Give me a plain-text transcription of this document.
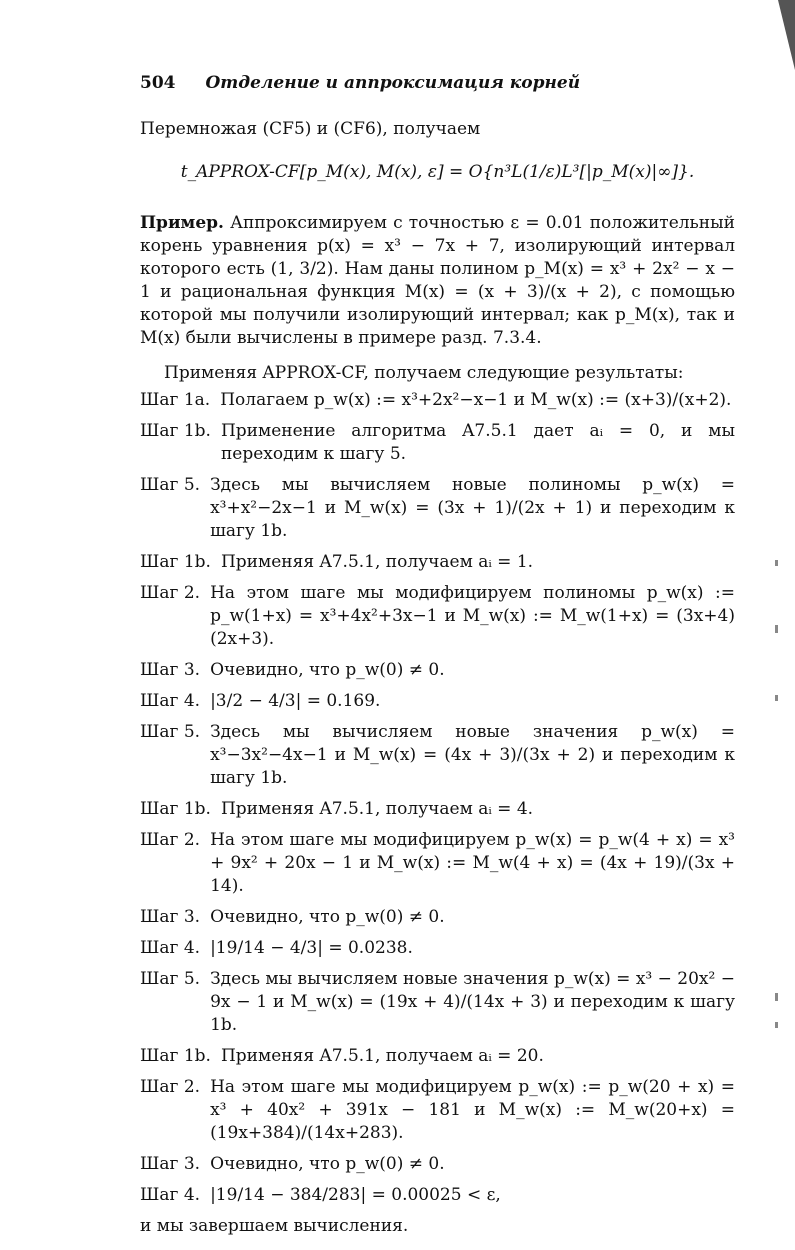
504 Отделение и аппроксимация корней

Перемножая (CF5) и (CF6), получаем

t_APPROX-CF[p_M(x), M(x), ε] = O{n³L(1/ε)L³[|p_M(x)|∞]}.

Пример. Аппроксимируем с точностью ε = 0.01 положительный корень уравнения p(x) = x³ − 7x + 7, изолирующий интервал которого есть (1, 3/2). Нам даны полином p_M(x) = x³ + 2x² − x − 1 и рациональная функция M(x) = (x + 3)/(x + 2), с помощью которой мы получили изолирующий интервал; как p_M(x), так и M(x) были вычислены в примере разд. 7.3.4.

Применяя APPROX-CF, получаем следующие результаты:

Шаг 1а. Полагаем p_w(x) := x³+2x²−x−1 и M_w(x) := (x+3)/(x+2).
Шаг 1b. Применение алгоритма A7.5.1 дает aᵢ = 0, и мы переходим к шагу 5.
Шаг 5. Здесь мы вычисляем новые полиномы p_w(x) = x³+x²−2x−1 и M_w(x) = (3x + 1)/(2x + 1) и переходим к шагу 1b.
Шаг 1b. Применяя A7.5.1, получаем aᵢ = 1.
Шаг 2. На этом шаге мы модифицируем полиномы p_w(x) := p_w(1+x) = x³+4x²+3x−1 и M_w(x) := M_w(1+x) = (3x+4)(2x+3).
Шаг 3. Очевидно, что p_w(0) ≠ 0.
Шаг 4. |3/2 − 4/3| = 0.169.
Шаг 5. Здесь мы вычисляем новые значения p_w(x) = x³−3x²−4x−1 и M_w(x) = (4x + 3)/(3x + 2) и переходим к шагу 1b.
Шаг 1b. Применяя A7.5.1, получаем aᵢ = 4.
Шаг 2. На этом шаге мы модифицируем p_w(x) = p_w(4 + x) = x³ + 9x² + 20x − 1 и M_w(x) := M_w(4 + x) = (4x + 19)/(3x + 14).
Шаг 3. Очевидно, что p_w(0) ≠ 0.
Шаг 4. |19/14 − 4/3| = 0.0238.
Шаг 5. Здесь мы вычисляем новые значения p_w(x) = x³ − 20x² − 9x − 1 и M_w(x) = (19x + 4)/(14x + 3) и переходим к шагу 1b.
Шаг 1b. Применяя A7.5.1, получаем aᵢ = 20.
Шаг 2. На этом шаге мы модифицируем p_w(x) := p_w(20 + x) = x³ + 40x² + 391x − 181 и M_w(x) := M_w(20+x) = (19x+384)/(14x+283).
Шаг 3. Очевидно, что p_w(0) ≠ 0.
Шаг 4. |19/14 − 384/283| = 0.00025 < ε,

и мы завершаем вычисления.
